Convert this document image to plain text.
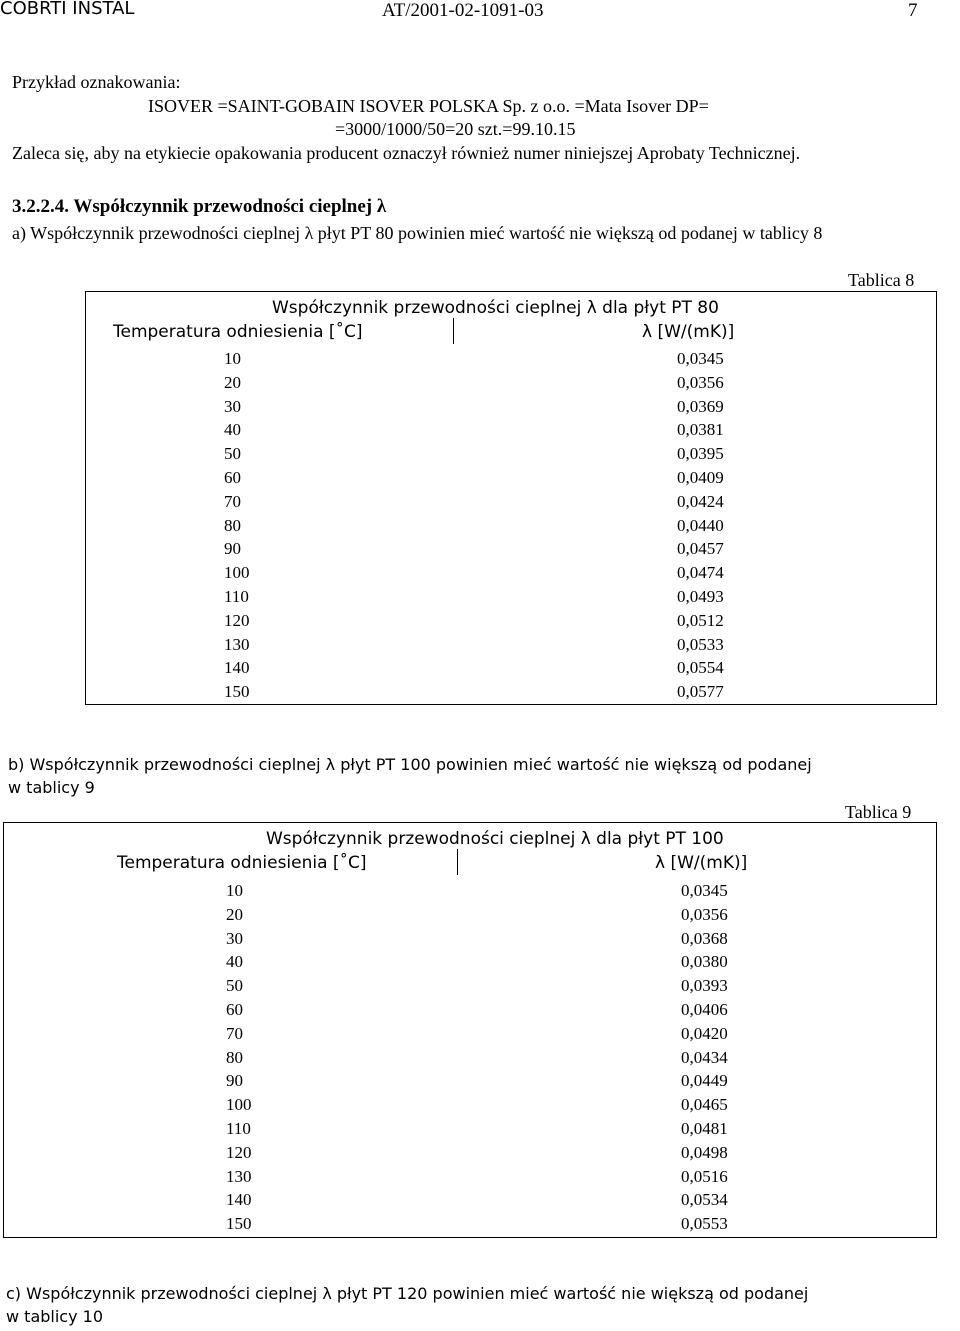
COBRTI INSTAL	AT/2001-02-1091-03	7
Przykład oznakowania:
ISOVER =SAINT-GOBAIN ISOVER POLSKA Sp. z o.o. =Mata Isover DP=
=3000/1000/50=20 szt.=99.10.15
Zaleca się, aby na etykiecie opakowania producent oznaczył również numer niniejszej Aprobaty Technicznej.
3.2.2.4. Współczynnik przewodności cieplnej λ
a) Współczynnik przewodności cieplnej λ płyt PT 80 powinien mieć wartość nie większą od podanej w tablicy 8
Tablica 8
Współczynnik przewodności cieplnej λ dla płyt PT 80
Temperatura odniesienia [˚C]	λ [W/(mK)]
10	0,0345
20	0,0356
30	0,0369
40	0,0381
50	0,0395
60	0,0409
70	0,0424
80	0,0440
90	0,0457
100	0,0474
110	0,0493
120	0,0512
130	0,0533
140	0,0554
150	0,0577
b) Współczynnik przewodności cieplnej λ płyt PT 100 powinien mieć wartość nie większą od podanej
w tablicy 9
Tablica 9
Współczynnik przewodności cieplnej λ dla płyt PT 100
Temperatura odniesienia [˚C]	λ [W/(mK)]
10	0,0345
20	0,0356
30	0,0368
40	0,0380
50	0,0393
60	0,0406
70	0,0420
80	0,0434
90	0,0449
100	0,0465
110	0,0481
120	0,0498
130	0,0516
140	0,0534
150	0,0553
c) Współczynnik przewodności cieplnej λ płyt PT 120 powinien mieć wartość nie większą od podanej
w tablicy 10
